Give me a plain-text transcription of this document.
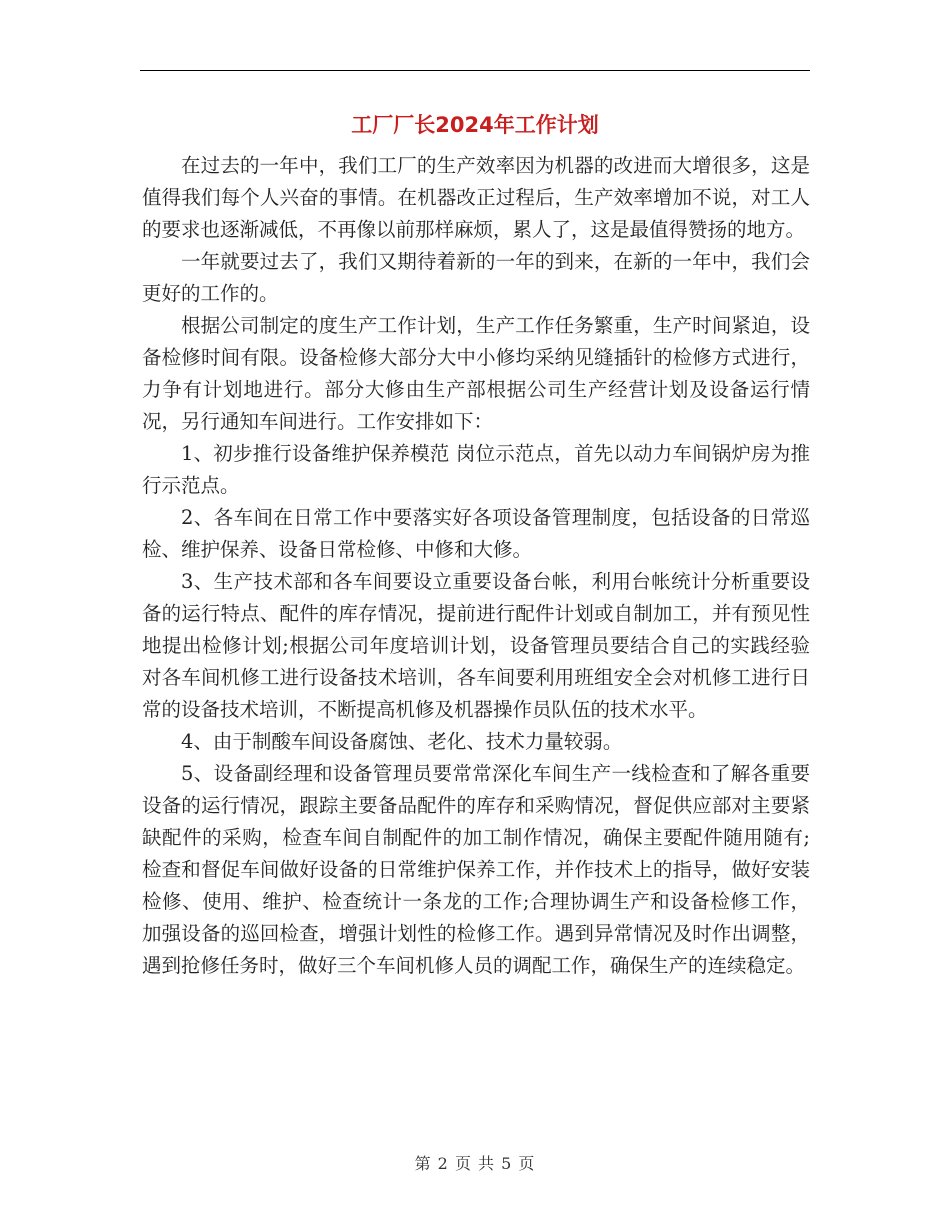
工厂厂长2024年工作计划

在过去的一年中，我们工厂的生产效率因为机器的改进而大增很多，这是值得我们每个人兴奋的事情。在机器改正过程后，生产效率增加不说，对工人的要求也逐渐减低，不再像以前那样麻烦，累人了，这是最值得赞扬的地方。

一年就要过去了，我们又期待着新的一年的到来，在新的一年中，我们会更好的工作的。

根据公司制定的度生产工作计划，生产工作任务繁重，生产时间紧迫，设备检修时间有限。设备检修大部分大中小修均采纳见缝插针的检修方式进行，力争有计划地进行。部分大修由生产部根据公司生产经营计划及设备运行情况，另行通知车间进行。工作安排如下：

1、初步推行设备维护保养模范 岗位示范点，首先以动力车间锅炉房为推行示范点。

2、各车间在日常工作中要落实好各项设备管理制度，包括设备的日常巡检、维护保养、设备日常检修、中修和大修。

3、生产技术部和各车间要设立重要设备台帐，利用台帐统计分析重要设备的运行特点、配件的库存情况，提前进行配件计划或自制加工，并有预见性地提出检修计划;根据公司年度培训计划，设备管理员要结合自己的实践经验对各车间机修工进行设备技术培训，各车间要利用班组安全会对机修工进行日常的设备技术培训，不断提高机修及机器操作员队伍的技术水平。

4、由于制酸车间设备腐蚀、老化、技术力量较弱。

5、设备副经理和设备管理员要常常深化车间生产一线检查和了解各重要设备的运行情况，跟踪主要备品配件的库存和采购情况，督促供应部对主要紧缺配件的采购，检查车间自制配件的加工制作情况，确保主要配件随用随有;检查和督促车间做好设备的日常维护保养工作，并作技术上的指导，做好安装检修、使用、维护、检查统计一条龙的工作;合理协调生产和设备检修工作，加强设备的巡回检查，增强计划性的检修工作。遇到异常情况及时作出调整，遇到抢修任务时，做好三个车间机修人员的调配工作，确保生产的连续稳定。

第 2 页 共 5 页
